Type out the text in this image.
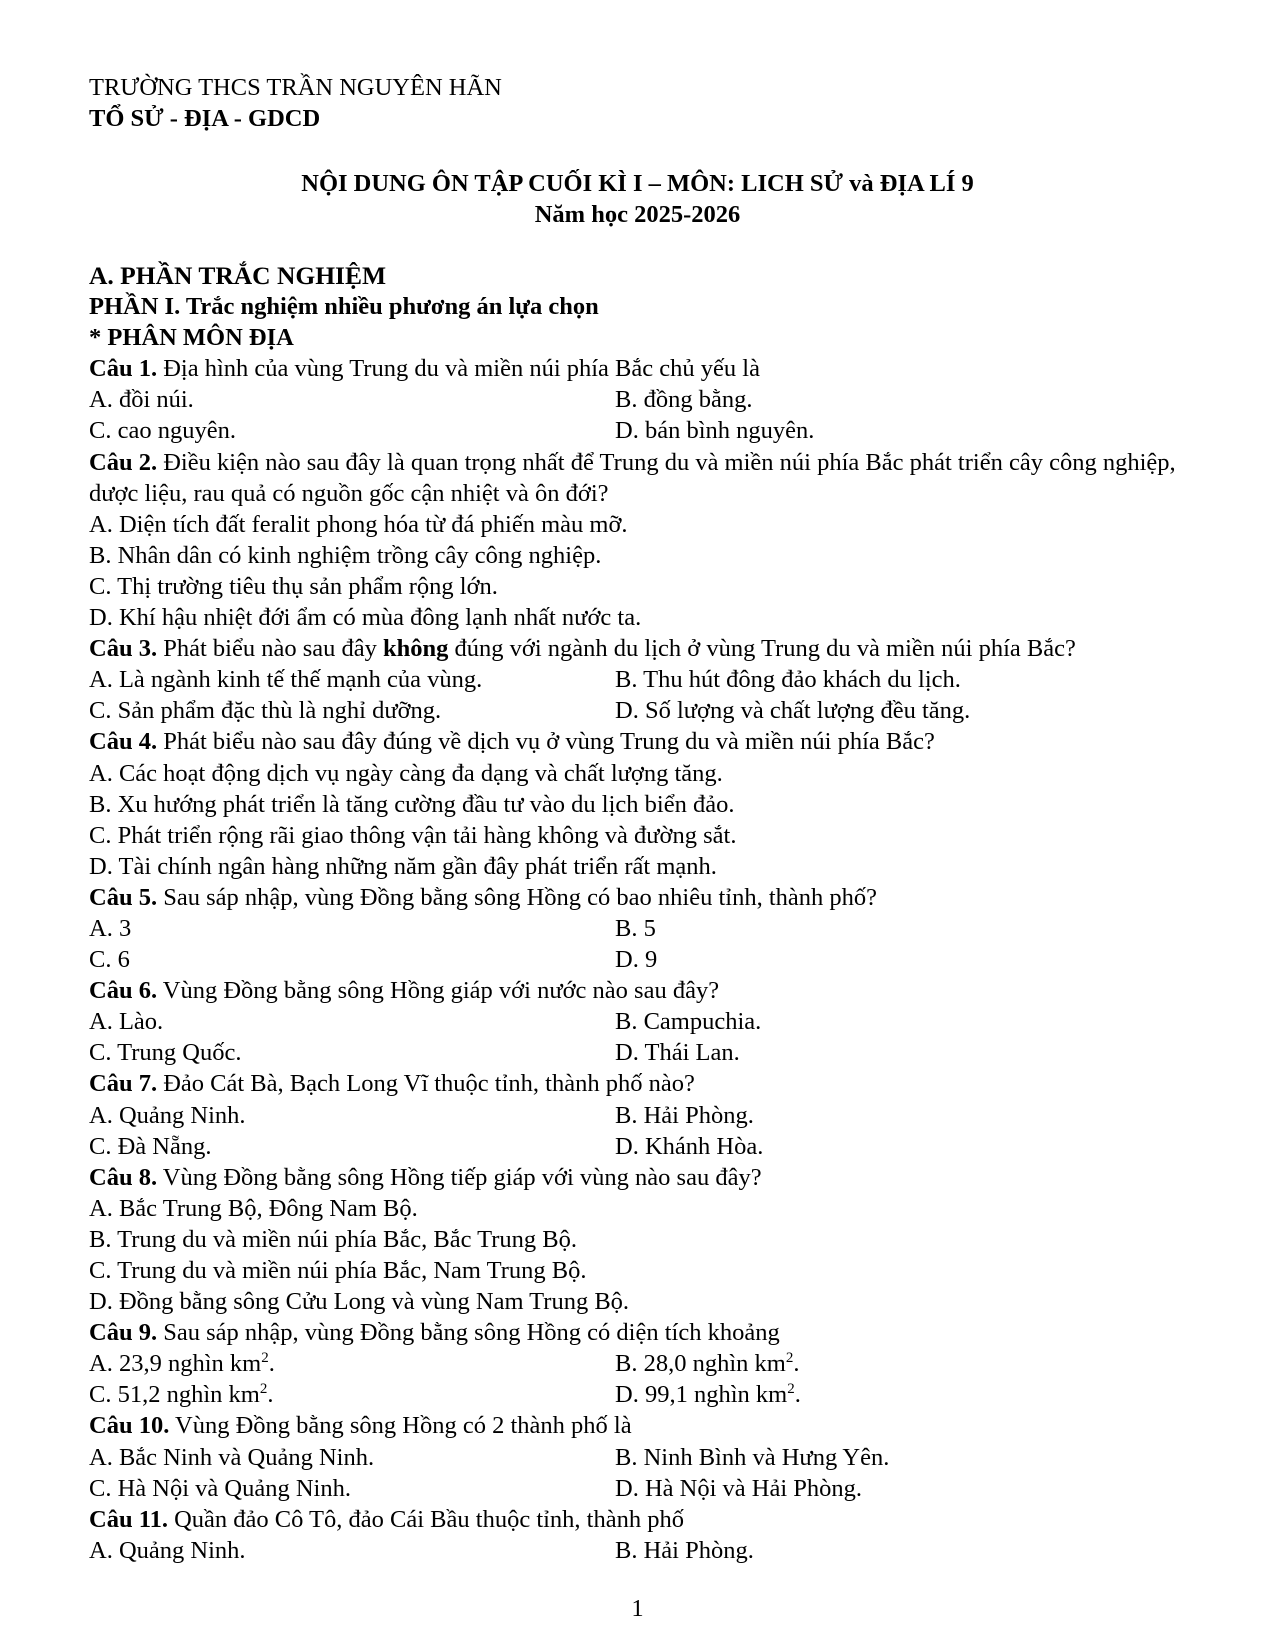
TRƯỜNG THCS TRẦN NGUYÊN HÃN
TỔ SỬ - ĐỊA - GDCD
NỘI DUNG ÔN TẬP CUỐI KÌ I – MÔN: LICH SỬ và ĐỊA LÍ 9
Năm học 2025-2026
A. PHẦN TRẮC NGHIỆM
PHẦN I. Trắc nghiệm nhiều phương án lựa chọn
* PHÂN MÔN ĐỊA
Câu 1. Địa hình của vùng Trung du và miền núi phía Bắc chủ yếu là
A. đồi núi.	B. đồng bằng.
C. cao nguyên.	D. bán bình nguyên.
Câu 2. Điều kiện nào sau đây là quan trọng nhất để Trung du và miền núi phía Bắc phát triển cây công nghiệp, dược liệu, rau quả có nguồn gốc cận nhiệt và ôn đới?
A. Diện tích đất feralit phong hóa từ đá phiến màu mỡ.
B. Nhân dân có kinh nghiệm trồng cây công nghiệp.
C. Thị trường tiêu thụ sản phẩm rộng lớn.
D. Khí hậu nhiệt đới ẩm có mùa đông lạnh nhất nước ta.
Câu 3. Phát biểu nào sau đây không đúng với ngành du lịch ở vùng Trung du và miền núi phía Bắc?
A. Là ngành kinh tế thế mạnh của vùng.	B. Thu hút đông đảo khách du lịch.
C. Sản phẩm đặc thù là nghỉ dưỡng.	D. Số lượng và chất lượng đều tăng.
Câu 4. Phát biểu nào sau đây đúng về dịch vụ ở vùng Trung du và miền núi phía Bắc?
A. Các hoạt động dịch vụ ngày càng đa dạng và chất lượng tăng.
B. Xu hướng phát triển là tăng cường đầu tư vào du lịch biển đảo.
C. Phát triển rộng rãi giao thông vận tải hàng không và đường sắt.
D. Tài chính ngân hàng những năm gần đây phát triển rất mạnh.
Câu 5. Sau sáp nhập, vùng Đồng bằng sông Hồng có bao nhiêu tỉnh, thành phố?
A. 3	B. 5
C. 6	D. 9
Câu 6. Vùng Đồng bằng sông Hồng giáp với nước nào sau đây?
A. Lào.	B. Campuchia.
C. Trung Quốc.	D. Thái Lan.
Câu 7. Đảo Cát Bà, Bạch Long Vĩ thuộc tỉnh, thành phố nào?
A. Quảng Ninh.	B. Hải Phòng.
C. Đà Nẵng.	D. Khánh Hòa.
Câu 8. Vùng Đồng bằng sông Hồng tiếp giáp với vùng nào sau đây?
A. Bắc Trung Bộ, Đông Nam Bộ.
B. Trung du và miền núi phía Bắc, Bắc Trung Bộ.
C. Trung du và miền núi phía Bắc, Nam Trung Bộ.
D. Đồng bằng sông Cửu Long và vùng Nam Trung Bộ.
Câu 9. Sau sáp nhập, vùng Đồng bằng sông Hồng có diện tích khoảng
A. 23,9 nghìn $km^2$.	B. 28,0 nghìn $km^2$.
C. 51,2 nghìn $km^2$.	D. 99,1 nghìn $km^2$.
Câu 10. Vùng Đồng bằng sông Hồng có 2 thành phố là
A. Bắc Ninh và Quảng Ninh.	B. Ninh Bình và Hưng Yên.
C. Hà Nội và Quảng Ninh.	D. Hà Nội và Hải Phòng.
Câu 11. Quần đảo Cô Tô, đảo Cái Bầu thuộc tỉnh, thành phố
A. Quảng Ninh.	B. Hải Phòng.
1
